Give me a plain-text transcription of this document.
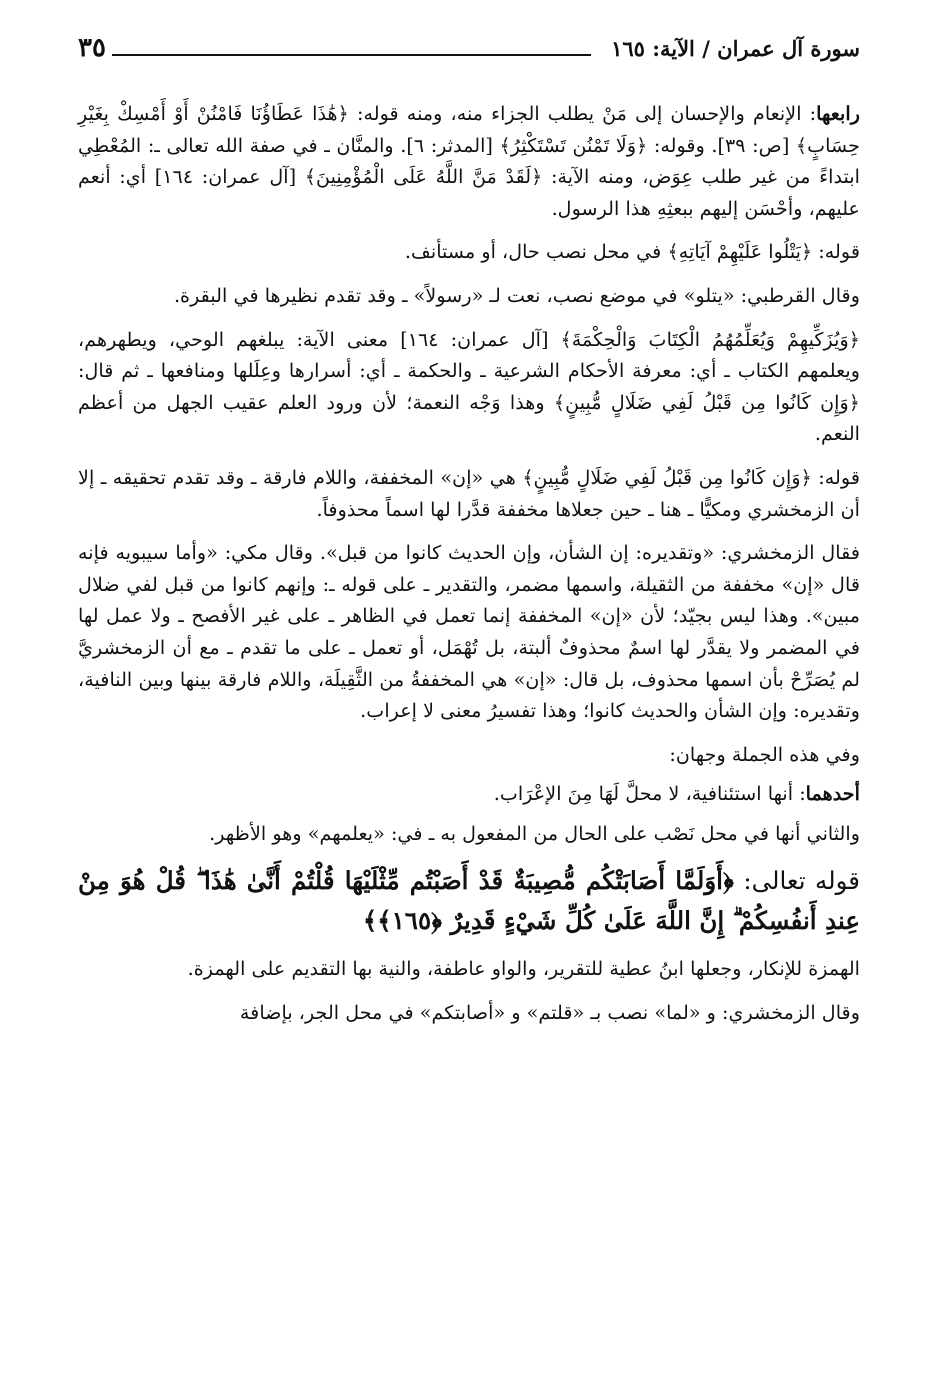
سورة آل عمران / الآية: ١٦٥
٣٥

رابعها: الإنعام والإحسان إلى مَنْ يطلب الجزاء منه، ومنه قوله: ﴿هَٰذَا عَطَاؤُنَا فَامْنُنْ أَوْ أَمْسِكْ بِغَيْرِ حِسَابٍ﴾ [ص: ٣٩]. وقوله: ﴿وَلَا تَمْنُن تَسْتَكْثِرُ﴾ [المدثر: ٦]. والمنَّان ـ في صفة الله تعالى ـ: المُعْطِي ابتداءً من غير طلب عِوَض، ومنه الآية: ﴿لَقَدْ مَنَّ اللَّهُ عَلَى الْمُؤْمِنِينَ﴾ [آل عمران: ١٦٤] أي: أنعم عليهم، وأحْسَن إليهم ببعثِهِ هذا الرسول.

قوله: ﴿يَتْلُوا عَلَيْهِمْ آيَاتِهِ﴾ في محل نصب حال، أو مستأنف.

وقال القرطبي: «يتلو» في موضع نصب، نعت لـ «رسولاً» ـ وقد تقدم نظيرها في البقرة.

﴿وَيُزَكِّيهِمْ وَيُعَلِّمُهُمُ الْكِتَابَ وَالْحِكْمَةَ﴾ [آل عمران: ١٦٤] معنى الآية: يبلغهم الوحي، ويطهرهم، ويعلمهم الكتاب ـ أي: معرفة الأحكام الشرعية ـ والحكمة ـ أي: أسرارها وعِلَلها ومنافعها ـ ثم قال: ﴿وَإِن كَانُوا مِن قَبْلُ لَفِي ضَلَالٍ مُّبِينٍ﴾ وهذا وَجْه النعمة؛ لأن ورود العلم عقيب الجهل من أعظم النعم.

قوله: ﴿وَإِن كَانُوا مِن قَبْلُ لَفِي ضَلَالٍ مُّبِينٍ﴾ هي «إن» المخففة، واللام فارقة ـ وقد تقدم تحقيقه ـ إلا أن الزمخشري ومكيًّا ـ هنا ـ حين جعلاها مخففة قدَّرا لها اسماً محذوفاً.

فقال الزمخشري: «وتقديره: إن الشأن، وإن الحديث كانوا من قبل». وقال مكي: «وأما سيبويه فإنه قال «إن» مخففة من الثقيلة، واسمها مضمر، والتقدير ـ على قوله ـ: وإنهم كانوا من قبل لفي ضلال مبين». وهذا ليس بجيّد؛ لأن «إن» المخففة إنما تعمل في الظاهر ـ على غير الأفصح ـ ولا عمل لها في المضمر ولا يقدَّر لها اسمٌ محذوفٌ ألبتة، بل تُهْمَل، أو تعمل ـ على ما تقدم ـ مع أن الزمخشريَّ لم يُصَرِّحْ بأن اسمها محذوف، بل قال: «إن» هي المخففةُ من الثَّقِيلَة، واللام فارقة بينها وبين النافية، وتقديره: وإن الشأن والحديث كانوا؛ وهذا تفسيرُ معنى لا إعراب.

وفي هذه الجملة وجهان:

أحدهما: أنها استئنافية، لا محلَّ لَهَا مِنَ الإعْرَاب.

والثاني أنها في محل نَصْب على الحال من المفعول به ـ في: «يعلمهم» وهو الأظهر.

قوله تعالى: ﴿أَوَلَمَّا أَصَابَتْكُم مُّصِيبَةٌ قَدْ أَصَبْتُم مِّثْلَيْهَا قُلْتُمْ أَنَّىٰ هَٰذَا ۖ قُلْ هُوَ مِنْ عِندِ أَنفُسِكُمْ ۗ إِنَّ اللَّهَ عَلَىٰ كُلِّ شَيْءٍ قَدِيرٌ ﴿١٦٥﴾﴾

الهمزة للإنكار، وجعلها ابنُ عطية للتقرير، والواو عاطفة، والنية بها التقديم على الهمزة.

وقال الزمخشري: و «لما» نصب بـ «قلتم» و «أصابتكم» في محل الجر، بإضافة
